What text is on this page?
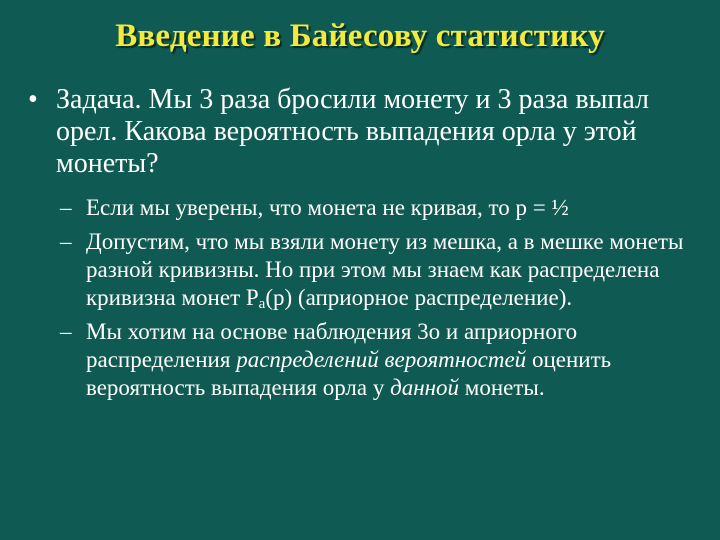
Введение в Байесову статистику
• Задача. Мы 3 раза бросили монету и 3 раза выпал орел. Какова вероятность выпадения орла у этой монеты?
– Если мы уверены, что монета не кривая, то p = ½
– Допустим, что мы взяли монету из мешка, а в мешке монеты разной кривизны. Но при этом мы знаем как распределена кривизна монет $P_a(p)$ (априорное распределение).
– Мы хотим на основе наблюдения 3о и априорного распределения распределений вероятностей оценить вероятность выпадения орла у данной монеты.
